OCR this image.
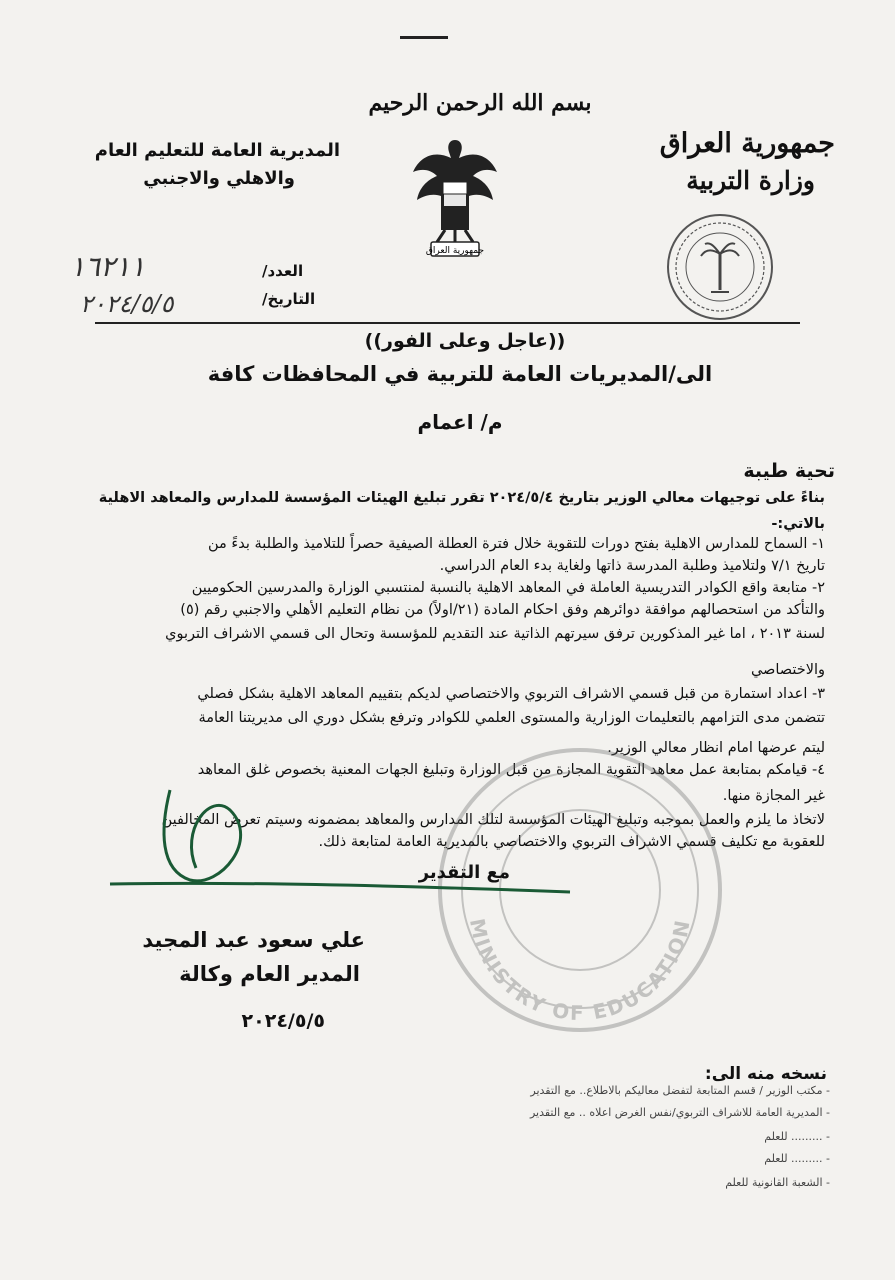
بسم الله الرحمن الرحيم
جمهورية العراق
وزارة التربية
المديرية العامة للتعليم العام
والاهلي والاجنبي
جمهورية العراق
العدد/
التاريخ/
١٦٢١١
٢٠٢٤/٥/٥
((عاجل وعلى الفور))
الى/المديريات العامة للتربية في المحافظات كافة
م/ اعمام
تحية طيبة
بناءً على توجيهات معالي الوزير بتاريخ ٢٠٢٤/٥/٤ تقرر تبليغ الهيئات المؤسسة للمدارس والمعاهد الاهلية
بالاتي:-
١- السماح للمدارس الاهلية بفتح دورات للتقوية خلال فترة العطلة الصيفية حصراً للتلاميذ والطلبة بدءً من
تاريخ ٧/١ ولتلاميذ وطلبة المدرسة ذاتها ولغاية بدء العام الدراسي.
٢- متابعة واقع الكوادر التدريسية العاملة في المعاهد الاهلية بالنسبة لمنتسبي الوزارة والمدرسين الحكوميين
والتأكد من استحصالهم موافقة دوائرهم وفق احكام المادة (٢١/اولاً) من نظام التعليم الأهلي والاجنبي رقم (٥)
لسنة ٢٠١٣ ، اما غير المذكورين ترفق سيرتهم الذاتية عند التقديم للمؤسسة وتحال الى قسمي الاشراف التربوي
والاختصاصي
٣- اعداد استمارة من قبل قسمي الاشراف التربوي والاختصاصي لديكم بتقييم المعاهد الاهلية بشكل فصلي
تتضمن مدى التزامهم بالتعليمات الوزارية والمستوى العلمي للكوادر وترفع بشكل دوري الى مديريتنا العامة
ليتم عرضها امام انظار معالي الوزير.
٤- قيامكم بمتابعة عمل معاهد التقوية المجازة من قبل الوزارة وتبليغ الجهات المعنية بخصوص غلق المعاهد
غير المجازة منها.
لاتخاذ ما يلزم والعمل بموجبه وتبليغ الهيئات المؤسسة لتلك المدارس والمعاهد بمضمونه وسيتم تعرض المخالفين
للعقوبة مع تكليف قسمي الاشراف التربوي والاختصاصي بالمديرية العامة لمتابعة ذلك.
MINISTRY OF EDUCATION
مع التقدير
علي سعود عبد المجيد
المدير العام وكالة
٢٠٢٤/٥/٥
نسخه منه الى:
- مكتب الوزير / قسم المتابعة لتفضل معاليكم بالاطلاع.. مع التقدير
- المديرية العامة للاشراف التربوي/نفس الغرض اعلاه .. مع التقدير
- ......... للعلم
- ......... للعلم
- الشعبة القانونية للعلم
